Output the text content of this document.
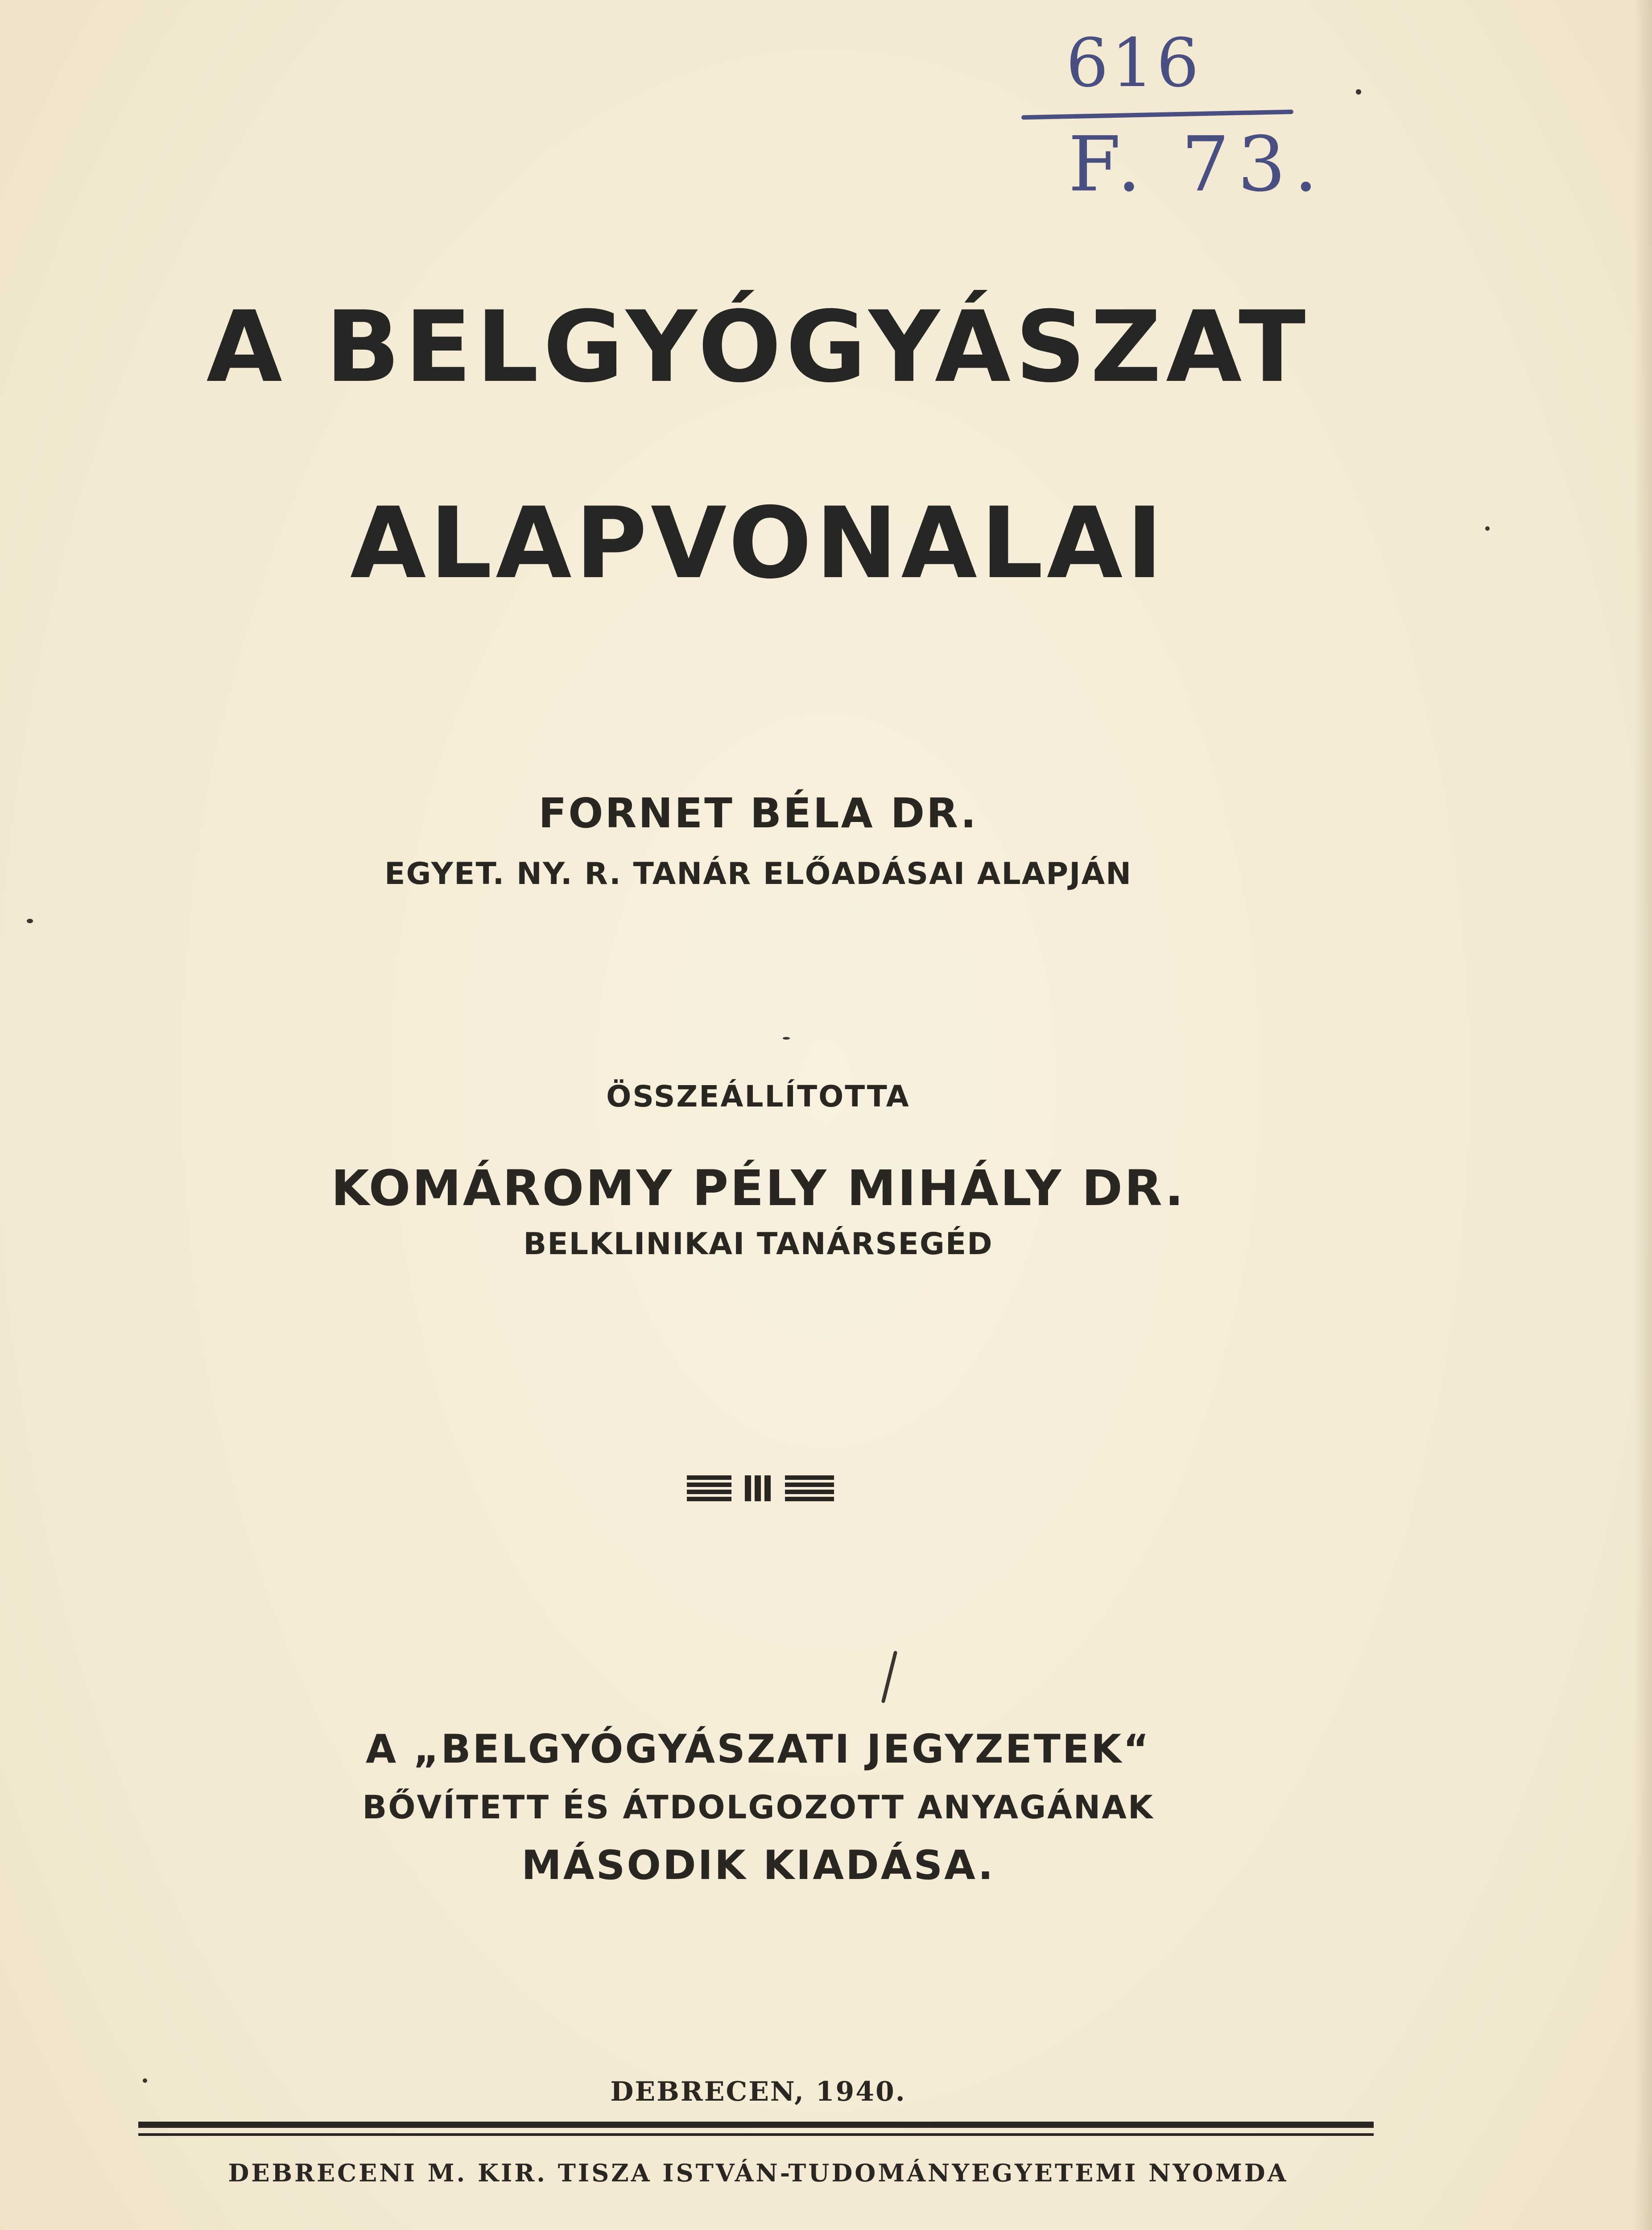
616
F. 73.
A BELGYÓGYÁSZAT
ALAPVONALAI
FORNET BÉLA DR.
EGYET. NY. R. TANÁR ELŐADÁSAI ALAPJÁN
ÖSSZEÁLLÍTOTTA
KOMÁROMY PÉLY MIHÁLY DR.
BELKLINIKAI TANÁRSEGÉD
A „BELGYÓGYÁSZATI JEGYZETEK“
BŐVÍTETT ÉS ÁTDOLGOZOTT ANYAGÁNAK
MÁSODIK KIADÁSA.
DEBRECEN, 1940.
DEBRECENI M. KIR. TISZA ISTVÁN-TUDOMÁNYEGYETEMI NYOMDA
